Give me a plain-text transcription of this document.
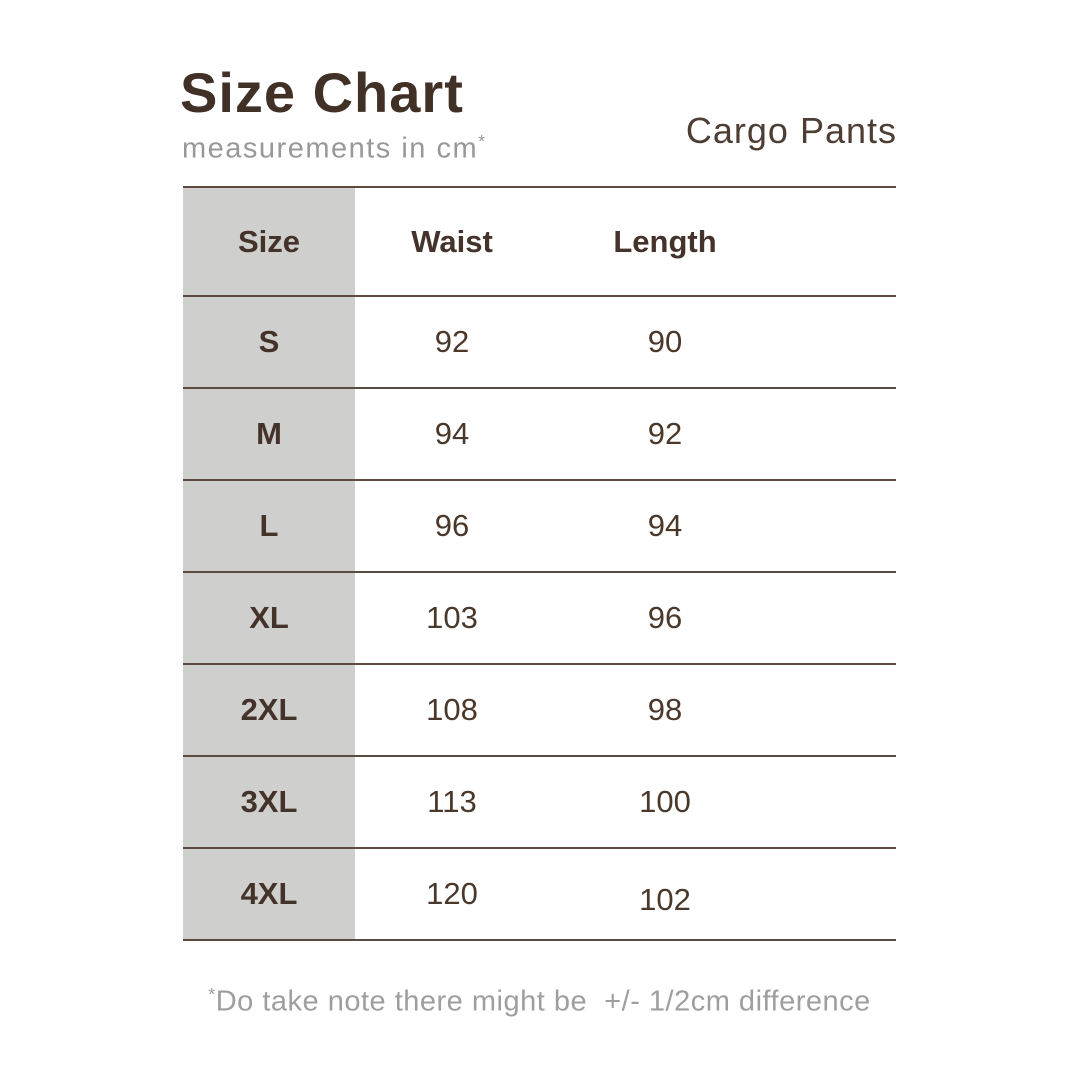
Size Chart
measurements in cm*	Cargo Pants
Size	Waist	Length
S	92	90
M	94	92
L	96	94
XL	103	96
2XL	108	98
3XL	113	100
4XL	120	102
*Do take note there might be  +/- 1/2cm difference
